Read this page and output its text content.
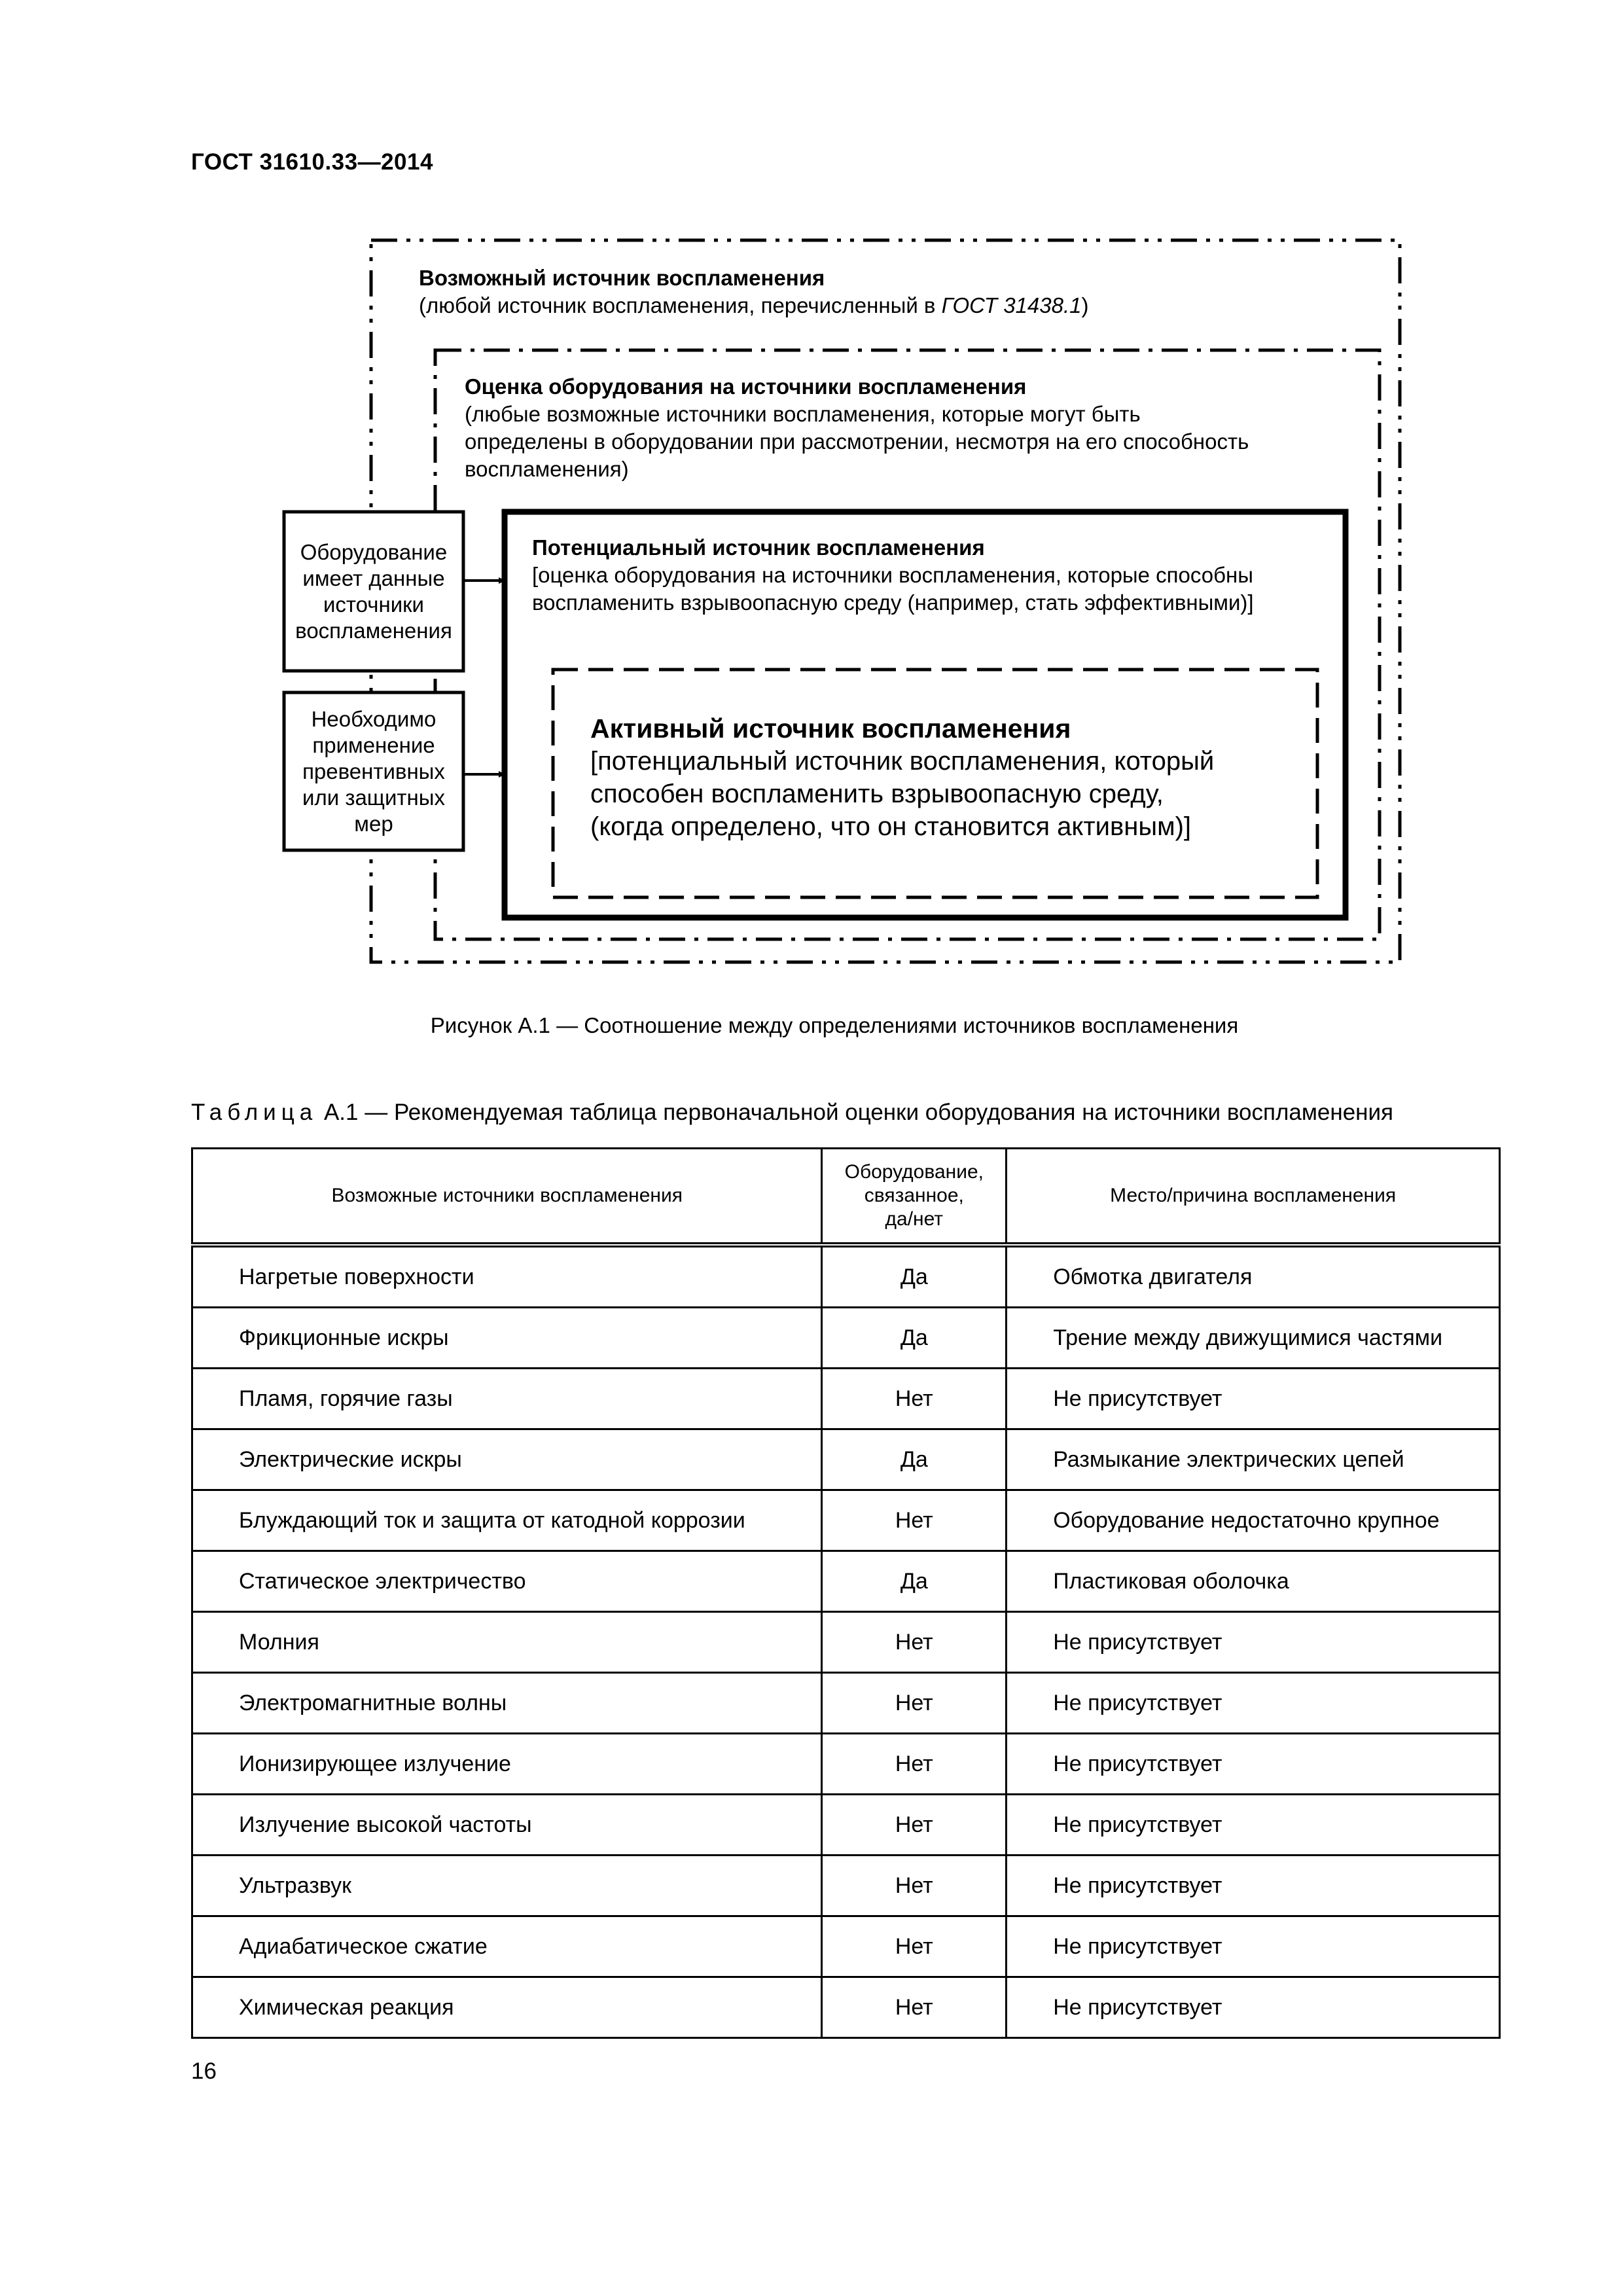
ГОСТ 31610.33—2014
Возможный источник воспламенения
(любой источник воспламенения, перечисленный в ГОСТ 31438.1)
Оценка оборудования на источники воспламенения
(любые возможные источники воспламенения, которые могут быть
определены в оборудовании при рассмотрении, несмотря на его способность
воспламенения)
Потенциальный источник воспламенения
[оценка оборудования на источники воспламенения, которые способны
воспламенить взрывоопасную среду (например, стать эффективными)]
Активный источник воспламенения
[потенциальный источник воспламенения, который
способен воспламенить взрывоопасную среду,
(когда определено, что он становится активным)]
Оборудование
имеет данные
источники
воспламенения
Необходимо
применение
превентивных
или защитных
мер
Рисунок А.1 — Соотношение между определениями источников воспламенения
Таблица А.1 — Рекомендуемая таблица первоначальной оценки оборудования на источники воспламенения
Возможные источники воспламенения	Оборудование,
связанное,
да/нет	Место/причина воспламенения
Нагретые поверхности	Да	Обмотка двигателя
Фрикционные искры	Да	Трение между движущимися частями
Пламя, горячие газы	Нет	Не присутствует
Электрические искры	Да	Размыкание электрических цепей
Блуждающий ток и защита от катодной коррозии	Нет	Оборудование недостаточно крупное
Статическое электричество	Да	Пластиковая оболочка
Молния	Нет	Не присутствует
Электромагнитные волны	Нет	Не присутствует
Ионизирующее излучение	Нет	Не присутствует
Излучение высокой частоты	Нет	Не присутствует
Ультразвук	Нет	Не присутствует
Адиабатическое сжатие	Нет	Не присутствует
Химическая реакция	Нет	Не присутствует
16
